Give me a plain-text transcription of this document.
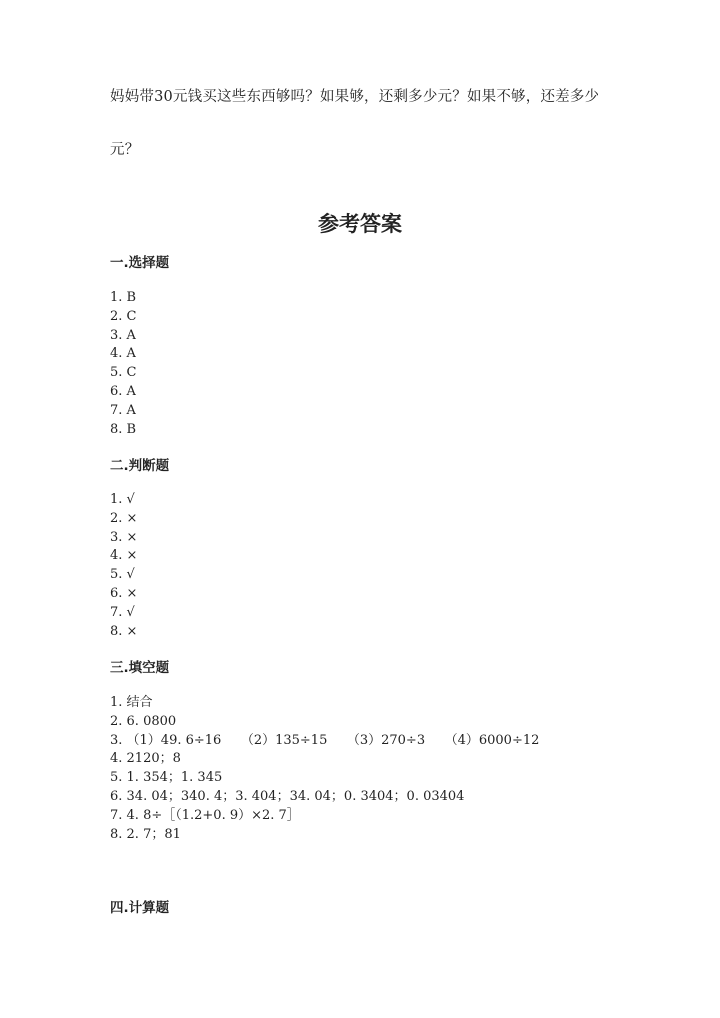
妈妈带30元钱买这些东西够吗？如果够，还剩多少元？如果不够，还差多少
元？
参考答案
一.选择题
1. B
2. C
3. A
4. A
5. C
6. A
7. A
8. B
二.判断题
1. √
2. ×
3. ×
4. ×
5. √
6. ×
7. √
8. ×
三.填空题
1. 结合
2. 6. 0800
3. （1）49. 6÷16　　（2）135÷15　　（3）270÷3　　（4）6000÷12
4. 2120；8
5. 1. 354；1. 345
6. 34. 04；340. 4；3. 404；34. 04；0. 3404；0. 03404
7. 4. 8÷［（1.2+0. 9）×2. 7］
8. 2. 7；81
四.计算题
